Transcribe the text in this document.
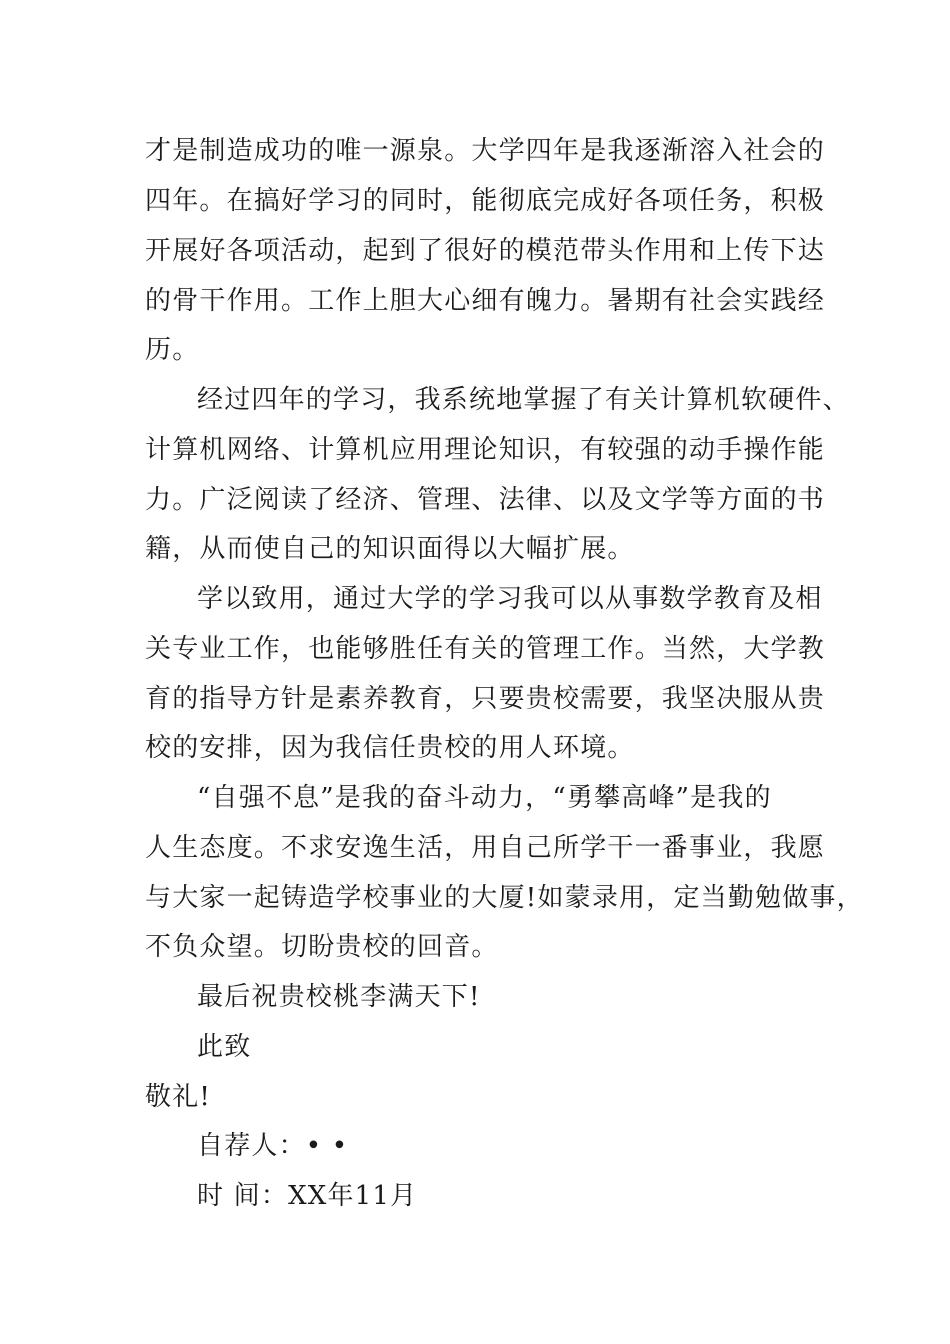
才是制造成功的唯一源泉。大学四年是我逐渐溶入社会的
四年。在搞好学习的同时，能彻底完成好各项任务，积极
开展好各项活动，起到了很好的模范带头作用和上传下达
的骨干作用。工作上胆大心细有魄力。暑期有社会实践经
历。
经过四年的学习，我系统地掌握了有关计算机软硬件、
计算机网络、计算机应用理论知识，有较强的动手操作能
力。广泛阅读了经济、管理、法律、以及文学等方面的书
籍，从而使自己的知识面得以大幅扩展。
学以致用，通过大学的学习我可以从事数学教育及相
关专业工作，也能够胜任有关的管理工作。当然，大学教
育的指导方针是素养教育，只要贵校需要，我坚决服从贵
校的安排，因为我信任贵校的用人环境。
“自强不息”是我的奋斗动力，“勇攀高峰”是我的
人生态度。不求安逸生活，用自己所学干一番事业，我愿
与大家一起铸造学校事业的大厦!如蒙录用，定当勤勉做事，
不负众望。切盼贵校的回音。
最后祝贵校桃李满天下!
此致
敬礼!
自荐人：• •
时 间：XX年11月
